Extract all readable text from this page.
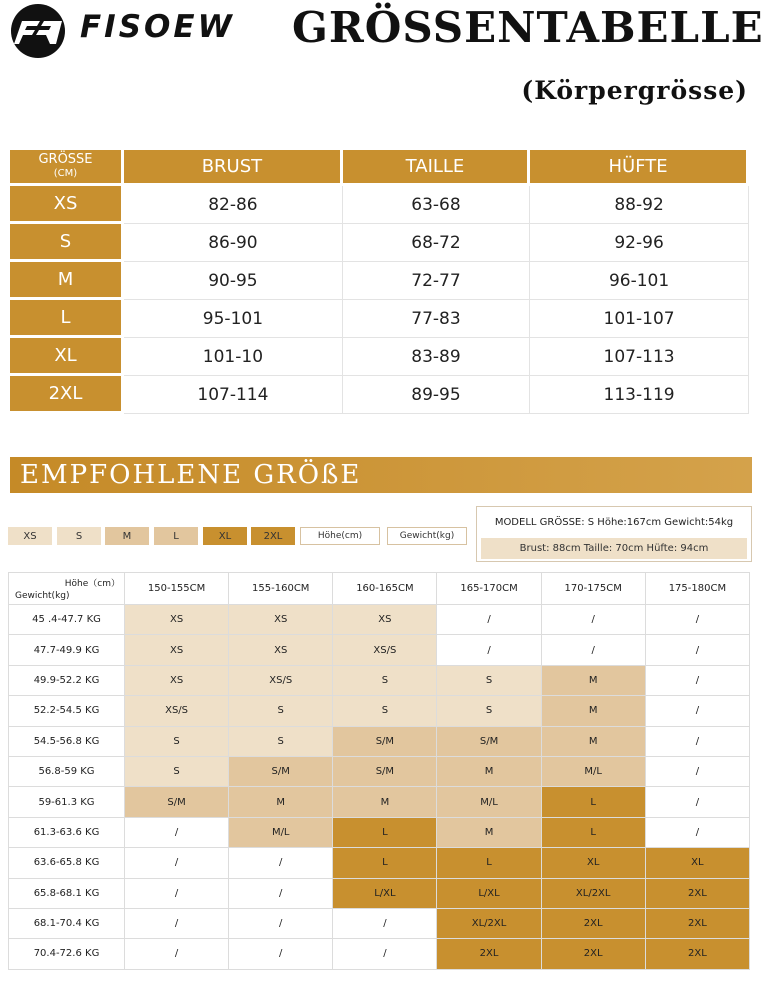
FISOEW GRÖSSENTABELLE
(Körpergrösse)
GRÖSSE
(CM)	BRUST	TAILLE	HÜFTE
XS	82-86	63-68	88-92
S	86-90	68-72	92-96
M	90-95	72-77	96-101
L	95-101	77-83	101-107
XL	101-10	83-89	107-113
2XL	107-114	89-95	113-119
EMPFOHLENE GRÖßE
XS	S	M	L	XL	2XL	Höhe(cm)	Gewicht(kg)
MODELL GRÖSSE: S Höhe:167cm Gewicht:54kg
Brust: 88cm Taille: 70cm Hüfte: 94cm
Höhe（cm）
Gewicht(kg)	150-155CM	155-160CM	160-165CM	165-170CM	170-175CM	175-180CM
45 .4-47.7 KG	XS	XS	XS	/	/	/
47.7-49.9 KG	XS	XS	XS/S	/	/	/
49.9-52.2 KG	XS	XS/S	S	S	M	/
52.2-54.5 KG	XS/S	S	S	S	M	/
54.5-56.8 KG	S	S	S/M	S/M	M	/
56.8-59 KG	S	S/M	S/M	M	M/L	/
59-61.3 KG	S/M	M	M	M/L	L	/
61.3-63.6 KG	/	M/L	L	M	L	/
63.6-65.8 KG	/	/	L	L	XL	XL
65.8-68.1 KG	/	/	L/XL	L/XL	XL/2XL	2XL
68.1-70.4 KG	/	/	/	XL/2XL	2XL	2XL
70.4-72.6 KG	/	/	/	2XL	2XL	2XL
